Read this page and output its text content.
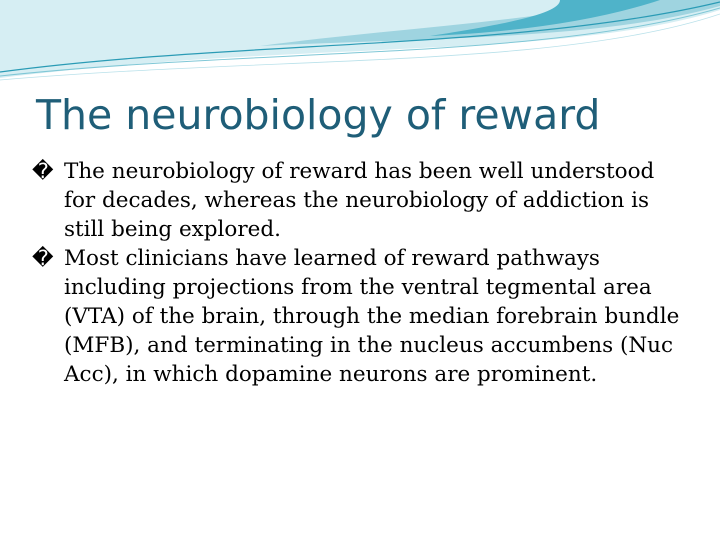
The neurobiology of reward
� The neurobiology of reward has been well understood for decades, whereas the neurobiology of addiction is still being explored.
� Most clinicians have learned of reward pathways including projections from the ventral tegmental area (VTA) of the brain, through the median forebrain bundle (MFB), and terminating in the nucleus accumbens (Nuc Acc), in which dopamine neurons are prominent.
